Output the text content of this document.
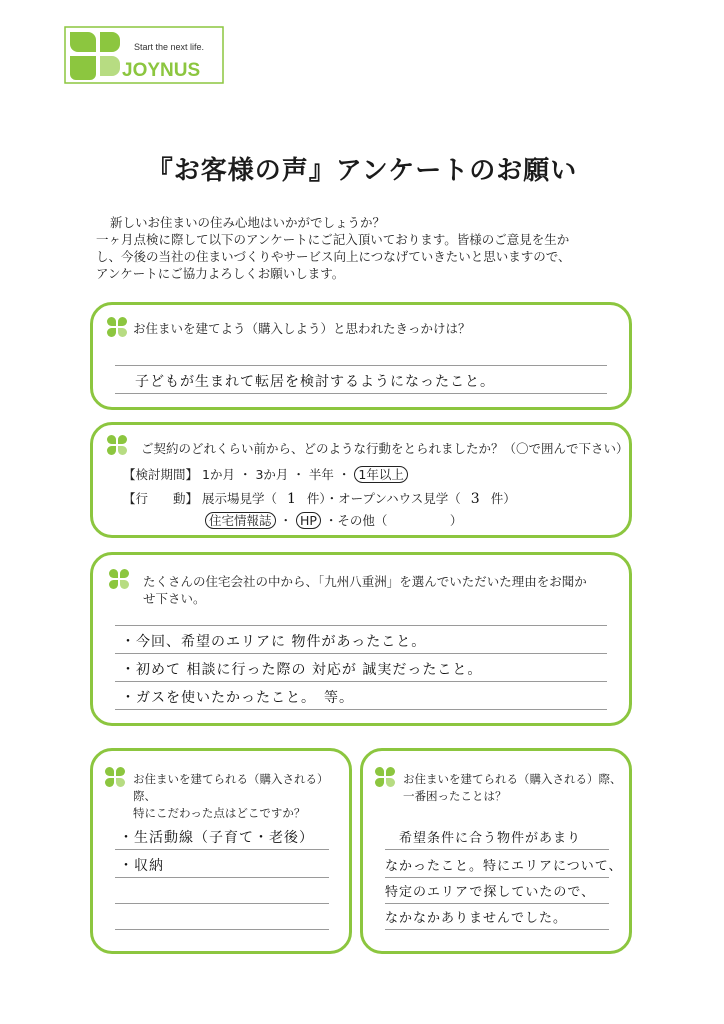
Start the next life.
JOYNUS
『お客様の声』アンケートのお願い
新しいお住まいの住み心地はいかがでしょうか？
一ヶ月点検に際して以下のアンケートにご記入頂いております。皆様のご意見を生か
し、今後の当社の住まいづくりやサービス向上につなげていきたいと思いますので、
アンケートにご協力よろしくお願いします。
お住まいを建てよう（購入しよう）と思われたきっかけは？
子どもが生まれて転居を検討するようになったこと。
ご契約のどれくらい前から、どのような行動をとられましたか？（〇で囲んで下さい）
【検討期間】 1か月 ・ 3か月 ・ 半年 ・ 1年以上
【行　　動】 展示場見学（ 1 件）・オープンハウス見学（ 3 件）
住宅情報誌 ・ HP ・その他（　　　　　）
たくさんの住宅会社の中から、「九州八重洲」を選んでいただいた理由をお聞か
せ下さい。
・今回、希望のエリアに 物件があったこと。
・初めて 相談に行った際の 対応が 誠実だったこと。
・ガスを使いたかったこと。　等。
お住まいを建てられる（購入される）際、
特にこだわった点はどこですか？
・生活動線（子育て・老後）
・収納
お住まいを建てられる（購入される）際、
一番困ったことは？
希望条件に合う物件があまり
なかったこと。特にエリアについて、
特定のエリアで探していたので、
なかなかありませんでした。
